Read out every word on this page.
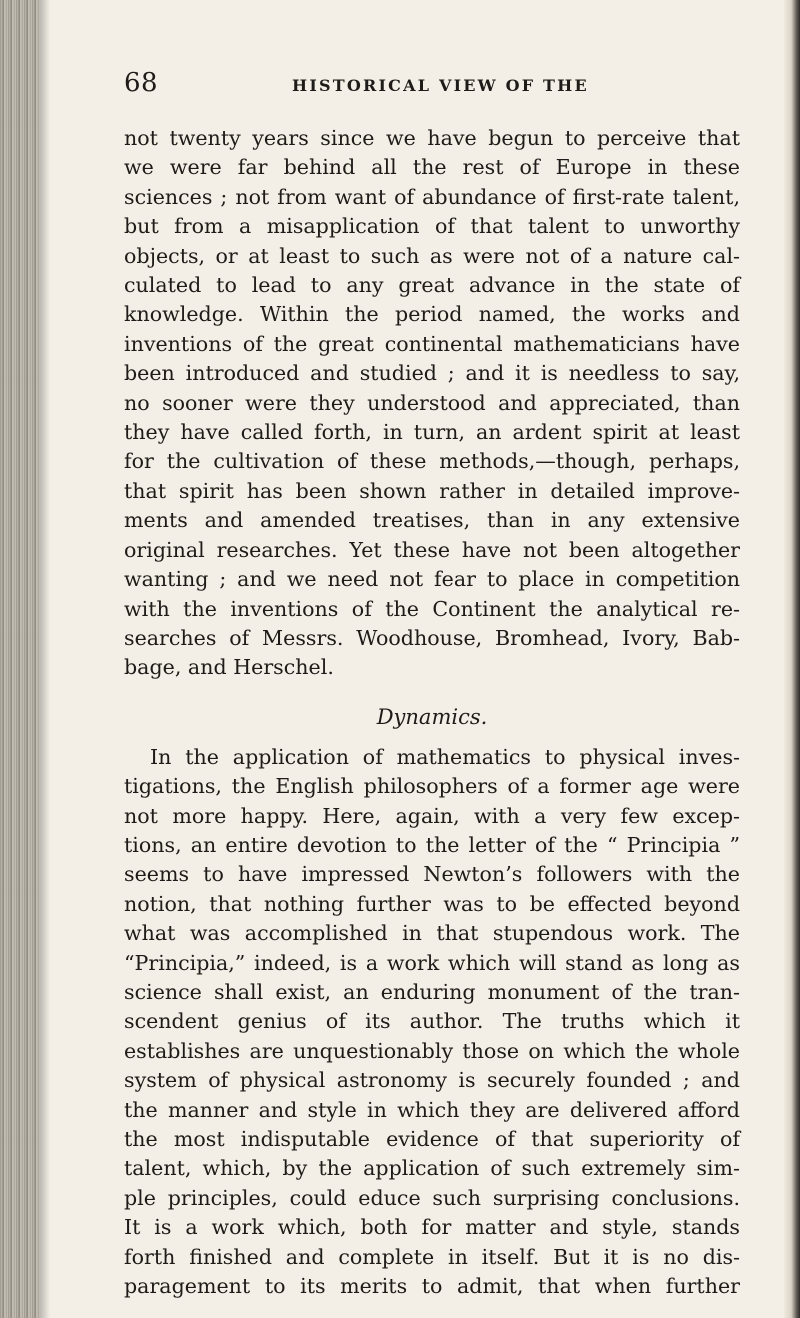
68	HISTORICAL VIEW OF THE
not twenty years since we have begun to perceive that
we were far behind all the rest of Europe in these
sciences ; not from want of abundance of first-rate talent,
but from a misapplication of that talent to unworthy
objects, or at least to such as were not of a nature cal-
culated to lead to any great advance in the state of
knowledge. Within the period named, the works and
inventions of the great continental mathematicians have
been introduced and studied ; and it is needless to say,
no sooner were they understood and appreciated, than
they have called forth, in turn, an ardent spirit at least
for the cultivation of these methods,—though, perhaps,
that spirit has been shown rather in detailed improve-
ments and amended treatises, than in any extensive
original researches. Yet these have not been altogether
wanting ; and we need not fear to place in competition
with the inventions of the Continent the analytical re-
searches of Messrs. Woodhouse, Bromhead, Ivory, Bab-
bage, and Herschel.
Dynamics.
In the application of mathematics to physical inves-
tigations, the English philosophers of a former age were
not more happy. Here, again, with a very few excep-
tions, an entire devotion to the letter of the “ Principia ”
seems to have impressed Newton’s followers with the
notion, that nothing further was to be effected beyond
what was accomplished in that stupendous work. The
“Principia,” indeed, is a work which will stand as long as
science shall exist, an enduring monument of the tran-
scendent genius of its author. The truths which it
establishes are unquestionably those on which the whole
system of physical astronomy is securely founded ; and
the manner and style in which they are delivered afford
the most indisputable evidence of that superiority of
talent, which, by the application of such extremely sim-
ple principles, could educe such surprising conclusions.
It is a work which, both for matter and style, stands
forth finished and complete in itself. But it is no dis-
paragement to its merits to admit, that when further
